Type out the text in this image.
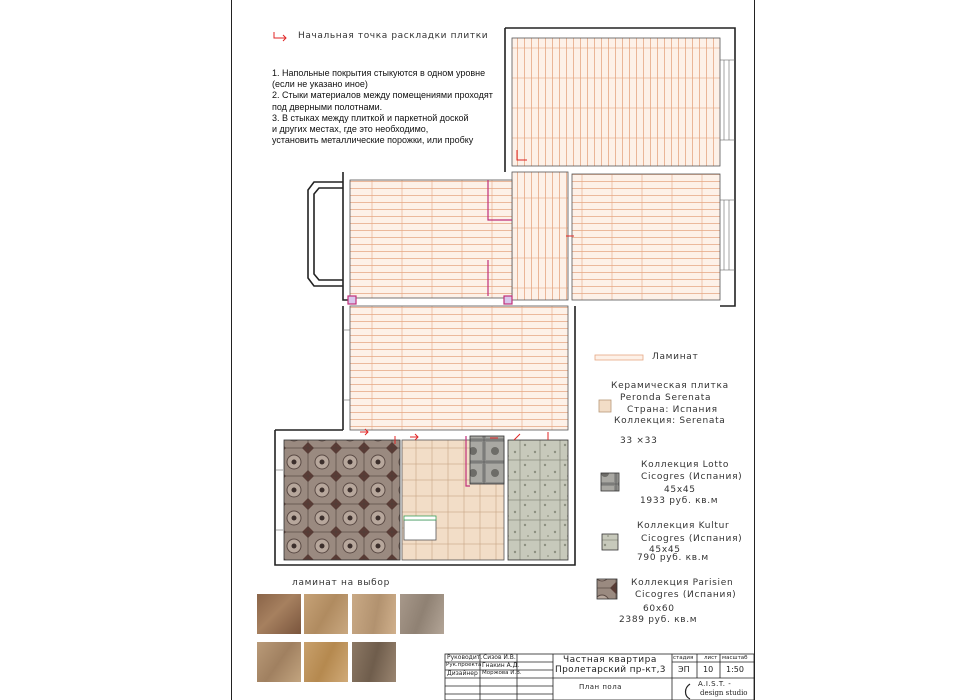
Начальная точка раскладки плитки
1. Напольные покрытия стыкуются в одном уровне
(если не указано иное)
2. Стыки материалов между помещениями проходят
под дверными полотнами.
3. В стыках между плиткой и паркетной доской
и других местах, где это необходимо,
установить металлические порожки, или пробку
Ламинат
Керамическая плитка
Peronda Serenata
Страна: Испания
Коллекция: Serenata
33 ×33
Коллекция Lotto
Cicogres (Испания)
45х45
1933 руб. кв.м
Коллекция Kultur
Cicogres (Испания)
45х45
790 руб. кв.м
Коллекция Parisien
Cicogres (Испания)
60х60
2389 руб. кв.м
ламинат на выбор
Руководит.
Рук.проекта
Дизайнер
Сизов И.В.
Гнакин А.Д.
Моржова И.В.
Частная квартира
Пролетарский пр-кт,3
План пола
стадия лист масштаб
ЭП 10 1:50
A.I.S.T. -
design studio
